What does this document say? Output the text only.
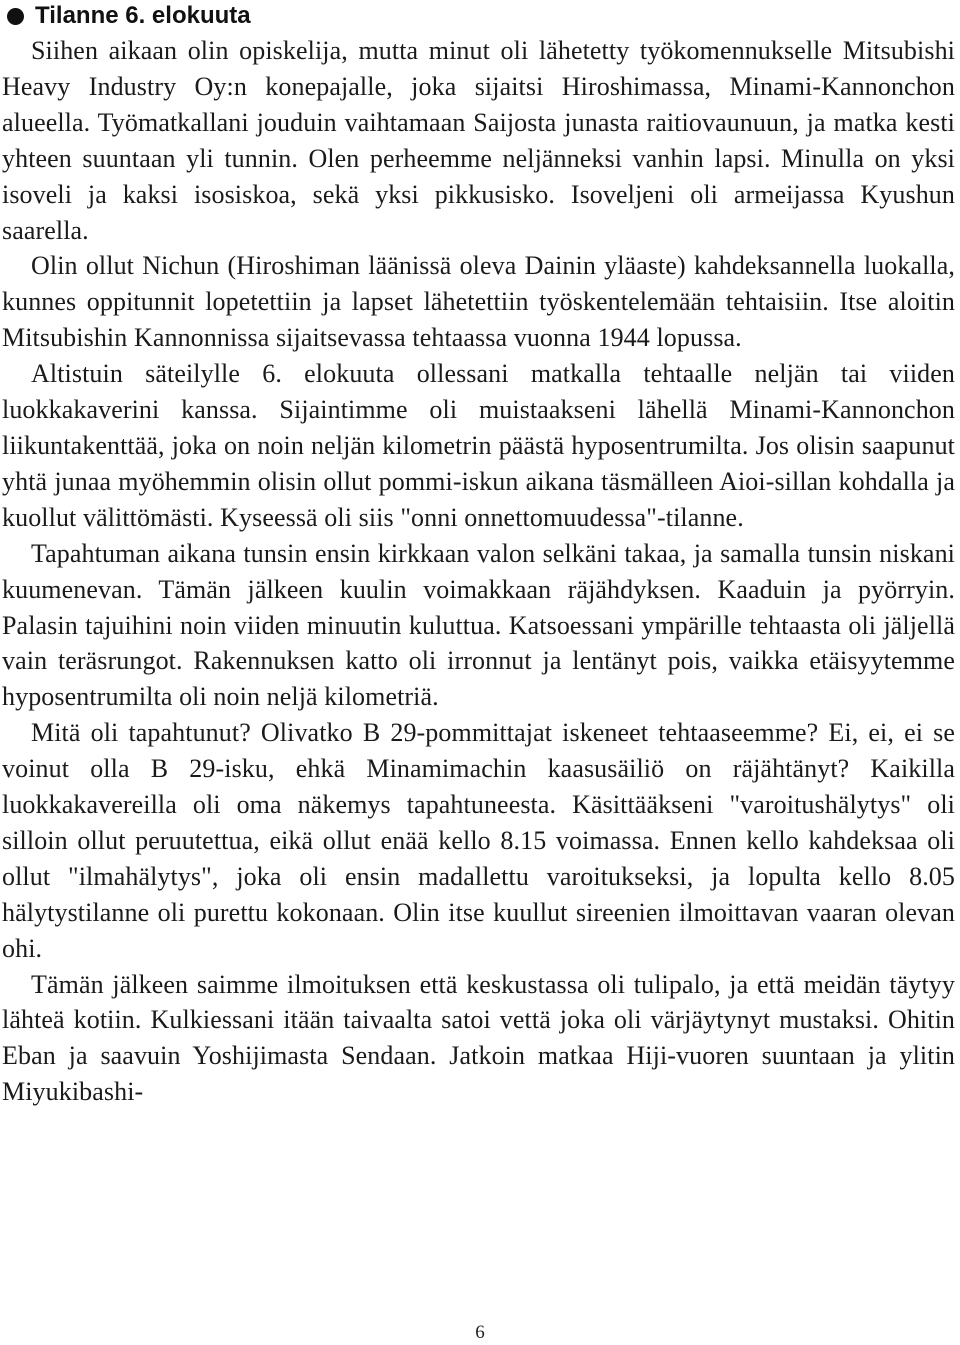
Tilanne 6. elokuuta

Siihen aikaan olin opiskelija, mutta minut oli lähetetty työkomennukselle Mitsubishi Heavy Industry Oy:n konepajalle, joka sijaitsi Hiroshimassa, Minami-Kannonchon alueella. Työmatkallani jouduin vaihtamaan Saijosta junasta raitiovaunuun, ja matka kesti yhteen suuntaan yli tunnin. Olen perheemme neljänneksi vanhin lapsi. Minulla on yksi isoveli ja kaksi isosiskoa, sekä yksi pikkusisko. Isoveljeni oli armeijassa Kyushun saarella.

Olin ollut Nichun (Hiroshiman läänissä oleva Dainin yläaste) kahdeksannella luokalla, kunnes oppitunnit lopetettiin ja lapset lähetettiin työskentelemään tehtaisiin. Itse aloitin Mitsubishin Kannonnissa sijaitsevassa tehtaassa vuonna 1944 lopussa.

Altistuin säteilylle 6. elokuuta ollessani matkalla tehtaalle neljän tai viiden luokkakaverini kanssa. Sijaintimme oli muistaakseni lähellä Minami-Kannonchon liikuntakenttää, joka on noin neljän kilometrin päästä hyposentrumilta. Jos olisin saapunut yhtä junaa myöhemmin olisin ollut pommi-iskun aikana täsmälleen Aioi-sillan kohdalla ja kuollut välittömästi. Kyseessä oli siis "onni onnettomuudessa"-tilanne.

Tapahtuman aikana tunsin ensin kirkkaan valon selkäni takaa, ja samalla tunsin niskani kuumenevan. Tämän jälkeen kuulin voimakkaan räjähdyksen. Kaaduin ja pyörryin. Palasin tajuihini noin viiden minuutin kuluttua. Katsoessani ympärille tehtaasta oli jäljellä vain teräsrungot. Rakennuksen katto oli irronnut ja lentänyt pois, vaikka etäisyytemme hyposentrumilta oli noin neljä kilometriä.

Mitä oli tapahtunut? Olivatko B 29-pommittajat iskeneet tehtaaseemme? Ei, ei, ei se voinut olla B 29-isku, ehkä Minamimachin kaasusäiliö on räjähtänyt? Kaikilla luokkakavereilla oli oma näkemys tapahtuneesta. Käsittääkseni "varoitushälytys" oli silloin ollut peruutettua, eikä ollut enää kello 8.15 voimassa. Ennen kello kahdeksaa oli ollut "ilmahälytys", joka oli ensin madallettu varoitukseksi, ja lopulta kello 8.05 hälytystilanne oli purettu kokonaan. Olin itse kuullut sireenien ilmoittavan vaaran olevan ohi.

Tämän jälkeen saimme ilmoituksen että keskustassa oli tulipalo, ja että meidän täytyy lähteä kotiin. Kulkiessani itään taivaalta satoi vettä joka oli värjäytynyt mustaksi. Ohitin Eban ja saavuin Yoshijimasta Sendaan. Jatkoin matkaa Hiji-vuoren suuntaan ja ylitin Miyukibashi-

6
